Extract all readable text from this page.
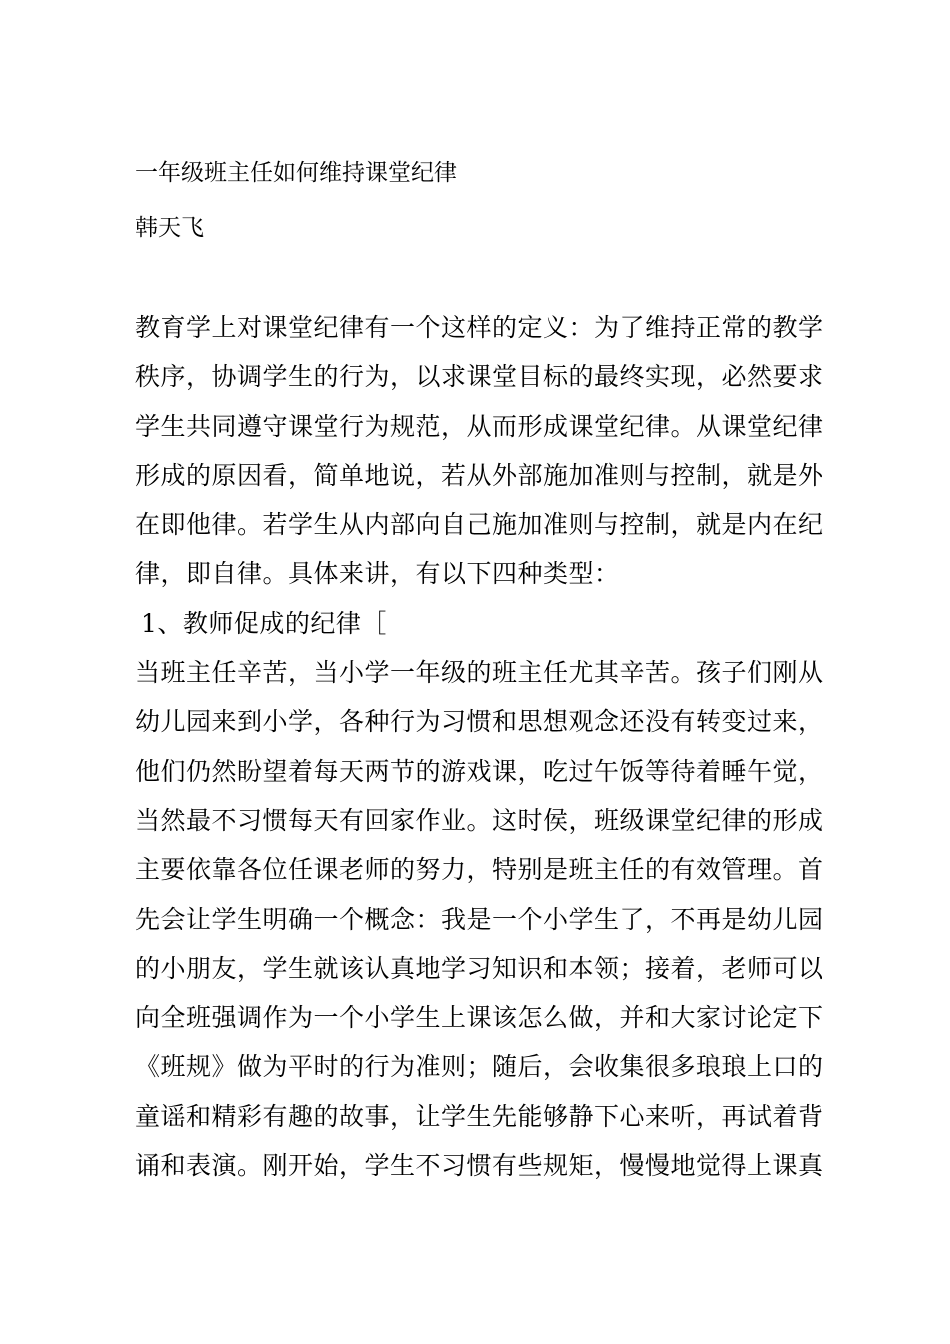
一年级班主任如何维持课堂纪律
韩天飞
教育学上对课堂纪律有一个这样的定义：为了维持正常的教学
秩序，协调学生的行为，以求课堂目标的最终实现，必然要求
学生共同遵守课堂行为规范，从而形成课堂纪律。从课堂纪律
形成的原因看，简单地说，若从外部施加准则与控制，就是外
在即他律。若学生从内部向自己施加准则与控制，就是内在纪
律，即自律。具体来讲，有以下四种类型：
1、教师促成的纪律［
当班主任辛苦，当小学一年级的班主任尤其辛苦。孩子们刚从
幼儿园来到小学，各种行为习惯和思想观念还没有转变过来，
他们仍然盼望着每天两节的游戏课，吃过午饭等待着睡午觉，
当然最不习惯每天有回家作业。这时侯，班级课堂纪律的形成
主要依靠各位任课老师的努力，特别是班主任的有效管理。首
先会让学生明确一个概念：我是一个小学生了，不再是幼儿园
的小朋友，学生就该认真地学习知识和本领；接着，老师可以
向全班强调作为一个小学生上课该怎么做，并和大家讨论定下
《班规》做为平时的行为准则；随后，会收集很多琅琅上口的
童谣和精彩有趣的故事，让学生先能够静下心来听，再试着背
诵和表演。刚开始，学生不习惯有些规矩，慢慢地觉得上课真
